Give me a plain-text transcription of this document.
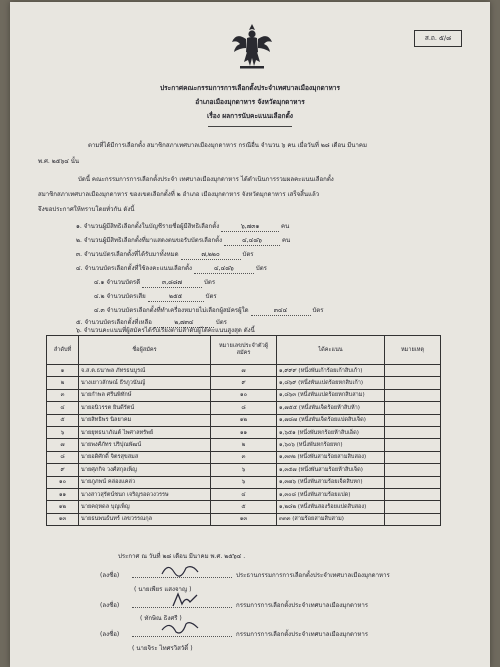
ส.ถ. ๕/๘
ประกาศคณะกรรมการการเลือกตั้งประจำเทศบาลเมืองมุกดาหาร
อำเภอเมืองมุกดาหาร จังหวัดมุกดาหาร
เรื่อง ผลการนับคะแนนเลือกตั้ง
ตามที่ได้มีการเลือกตั้ง สมาชิกสภาเทศบาลเมืองมุกดาหาร กรณีอื่น จำนวน ๖ คน เมื่อวันที่ ๒๘ เดือน มีนาคม
พ.ศ. ๒๕๖๔ นั้น
บัดนี้ คณะกรรมการการเลือกตั้งประจำ เทศบาลเมืองมุกดาหาร ได้ดำเนินการรวมผลคะแนนเลือกตั้ง
สมาชิกสภาเทศบาลเมืองมุกดาหาร ของเขตเลือกตั้งที่ ๒ อำเภอ เมืองมุกดาหาร จังหวัดมุกดาหาร เสร็จสิ้นแล้ว
จึงขอประกาศให้ทราบโดยทั่วกัน ดังนี้
๑. จำนวนผู้มีสิทธิเลือกตั้งในบัญชีรายชื่อผู้มีสิทธิเลือกตั้ง	๖,๗๓๑	คน
๒. จำนวนผู้มีสิทธิเลือกตั้งที่มาแสดงตนขอรับบัตรเลือกตั้ง	๔,๔๘๖	คน
๓. จำนวนบัตรเลือกตั้งที่ได้รับมาทั้งหมด	๗,๒๒๐	บัตร
๔. จำนวนบัตรเลือกตั้งที่ใช้ลงคะแนนเลือกตั้ง	๔,๔๘๖	บัตร
๔.๑ จำนวนบัตรดี	๓,๘๘๗	บัตร
๔.๒ จำนวนบัตรเสีย	๒๕๕	บัตร
๔.๓ จำนวนบัตรเลือกตั้งที่ทำเครื่องหมายไม่เลือกผู้สมัครผู้ใด	๓๔๔	บัตร
๕. จำนวนบัตรเลือกตั้งที่เหลือ	๒,๗๓๔	บัตร
ลำดับที่	ชื่อผู้สมัคร	หมายเลขประจำตัวผู้สมัคร	ได้คะแนน	หมายเหตุ
๑	จ.ส.ต.ธนาพล ภัทรธนบูรณ์	๗	๑,๙๙๙ (หนึ่งพันเก้าร้อยเก้าสิบเก้า)	
๒	นางเยาวลักษณ์ ธีรภูวนันญ์	๙	๑,๘๖๙ (หนึ่งพันแปดร้อยหกสิบเก้า)	
๓	นายกำพล ศรีนพิทักษ์	๑๐	๑,๘๖๓ (หนึ่งพันแปดร้อยหกสิบสาม)	
๔	นายอนิวรรต ยินดีรัตน์	๘	๑,๗๕๕ (หนึ่งพันเจ็ดร้อยห้าสิบห้า)	
๕	นายสิทธิพร นิลยาคม	๑๒	๑,๗๘๗ (หนึ่งพันเจ็ดร้อยแปดสิบเจ็ด)	
๖	นายยุทธนาภัณต์ ไพศาลทรัพย์	๑๑	๑,๖๕๑ (หนึ่งพันหกร้อยห้าสิบเอ็ด)	
๗	นายพงศ์ภัทร ปริปุณพัฒน์	๒	๑,๖๐๖ (หนึ่งพันหกร้อยหก)	
๘	นายอดิศักดิ์ จิตรสุขสมส	๓	๑,๓๓๒ (หนึ่งพันสามร้อยสามสิบสอง)	
๙	นายศุภกิจ วงศ์สกุลเพ็ญ	๖	๑,๓๕๗ (หนึ่งพันสามร้อยห้าสิบเจ็ด)	
๑๐	นายภูภพน์ คล่องแคล่ว	๖	๑,๓๗๖ (หนึ่งพันสามร้อยเจ็ดสิบหก)	
๑๑	นางสาวสุรัตน์ชนก เจริญรอดวงวรรษ	๔	๑,๓๐๘ (หนึ่งพันสามร้อยแปด)	
๑๒	นายคฤหดล บุญเพ็ญ	๕	๑,๒๘๒ (หนึ่งพันสองร้อยแปดสิบสอง)	
๑๓	นายธนพนธ์นทร์ เลขวรรณกุล	๑๓	๓๓๓ (สามร้อยสามสิบสาม)	
ประกาศ ณ วันที่ ๒๘ เดือน มีนาคม พ.ศ. ๒๕๖๔ .
(ลงชื่อ)	ประธานกรรมการการเลือกตั้งประจำเทศบาลเมืองมุกดาหาร
( นายเพียร แสงจาญ )
(ลงชื่อ)	กรรมการการเลือกตั้งประจำเทศบาลเมืองมุกดาหาร
( ทักษิณ ธิงศรี )
(ลงชื่อ)	กรรมการการเลือกตั้งประจำเทศบาลเมืองมุกดาหาร
( นายจิระ ไทศรวิสวัดิ์ )
๖. จำนวนคะแนนที่ผู้สมัครได้รับเรียงตามลำดับผู้ได้คะแนนสูงสุด ดังนี้
